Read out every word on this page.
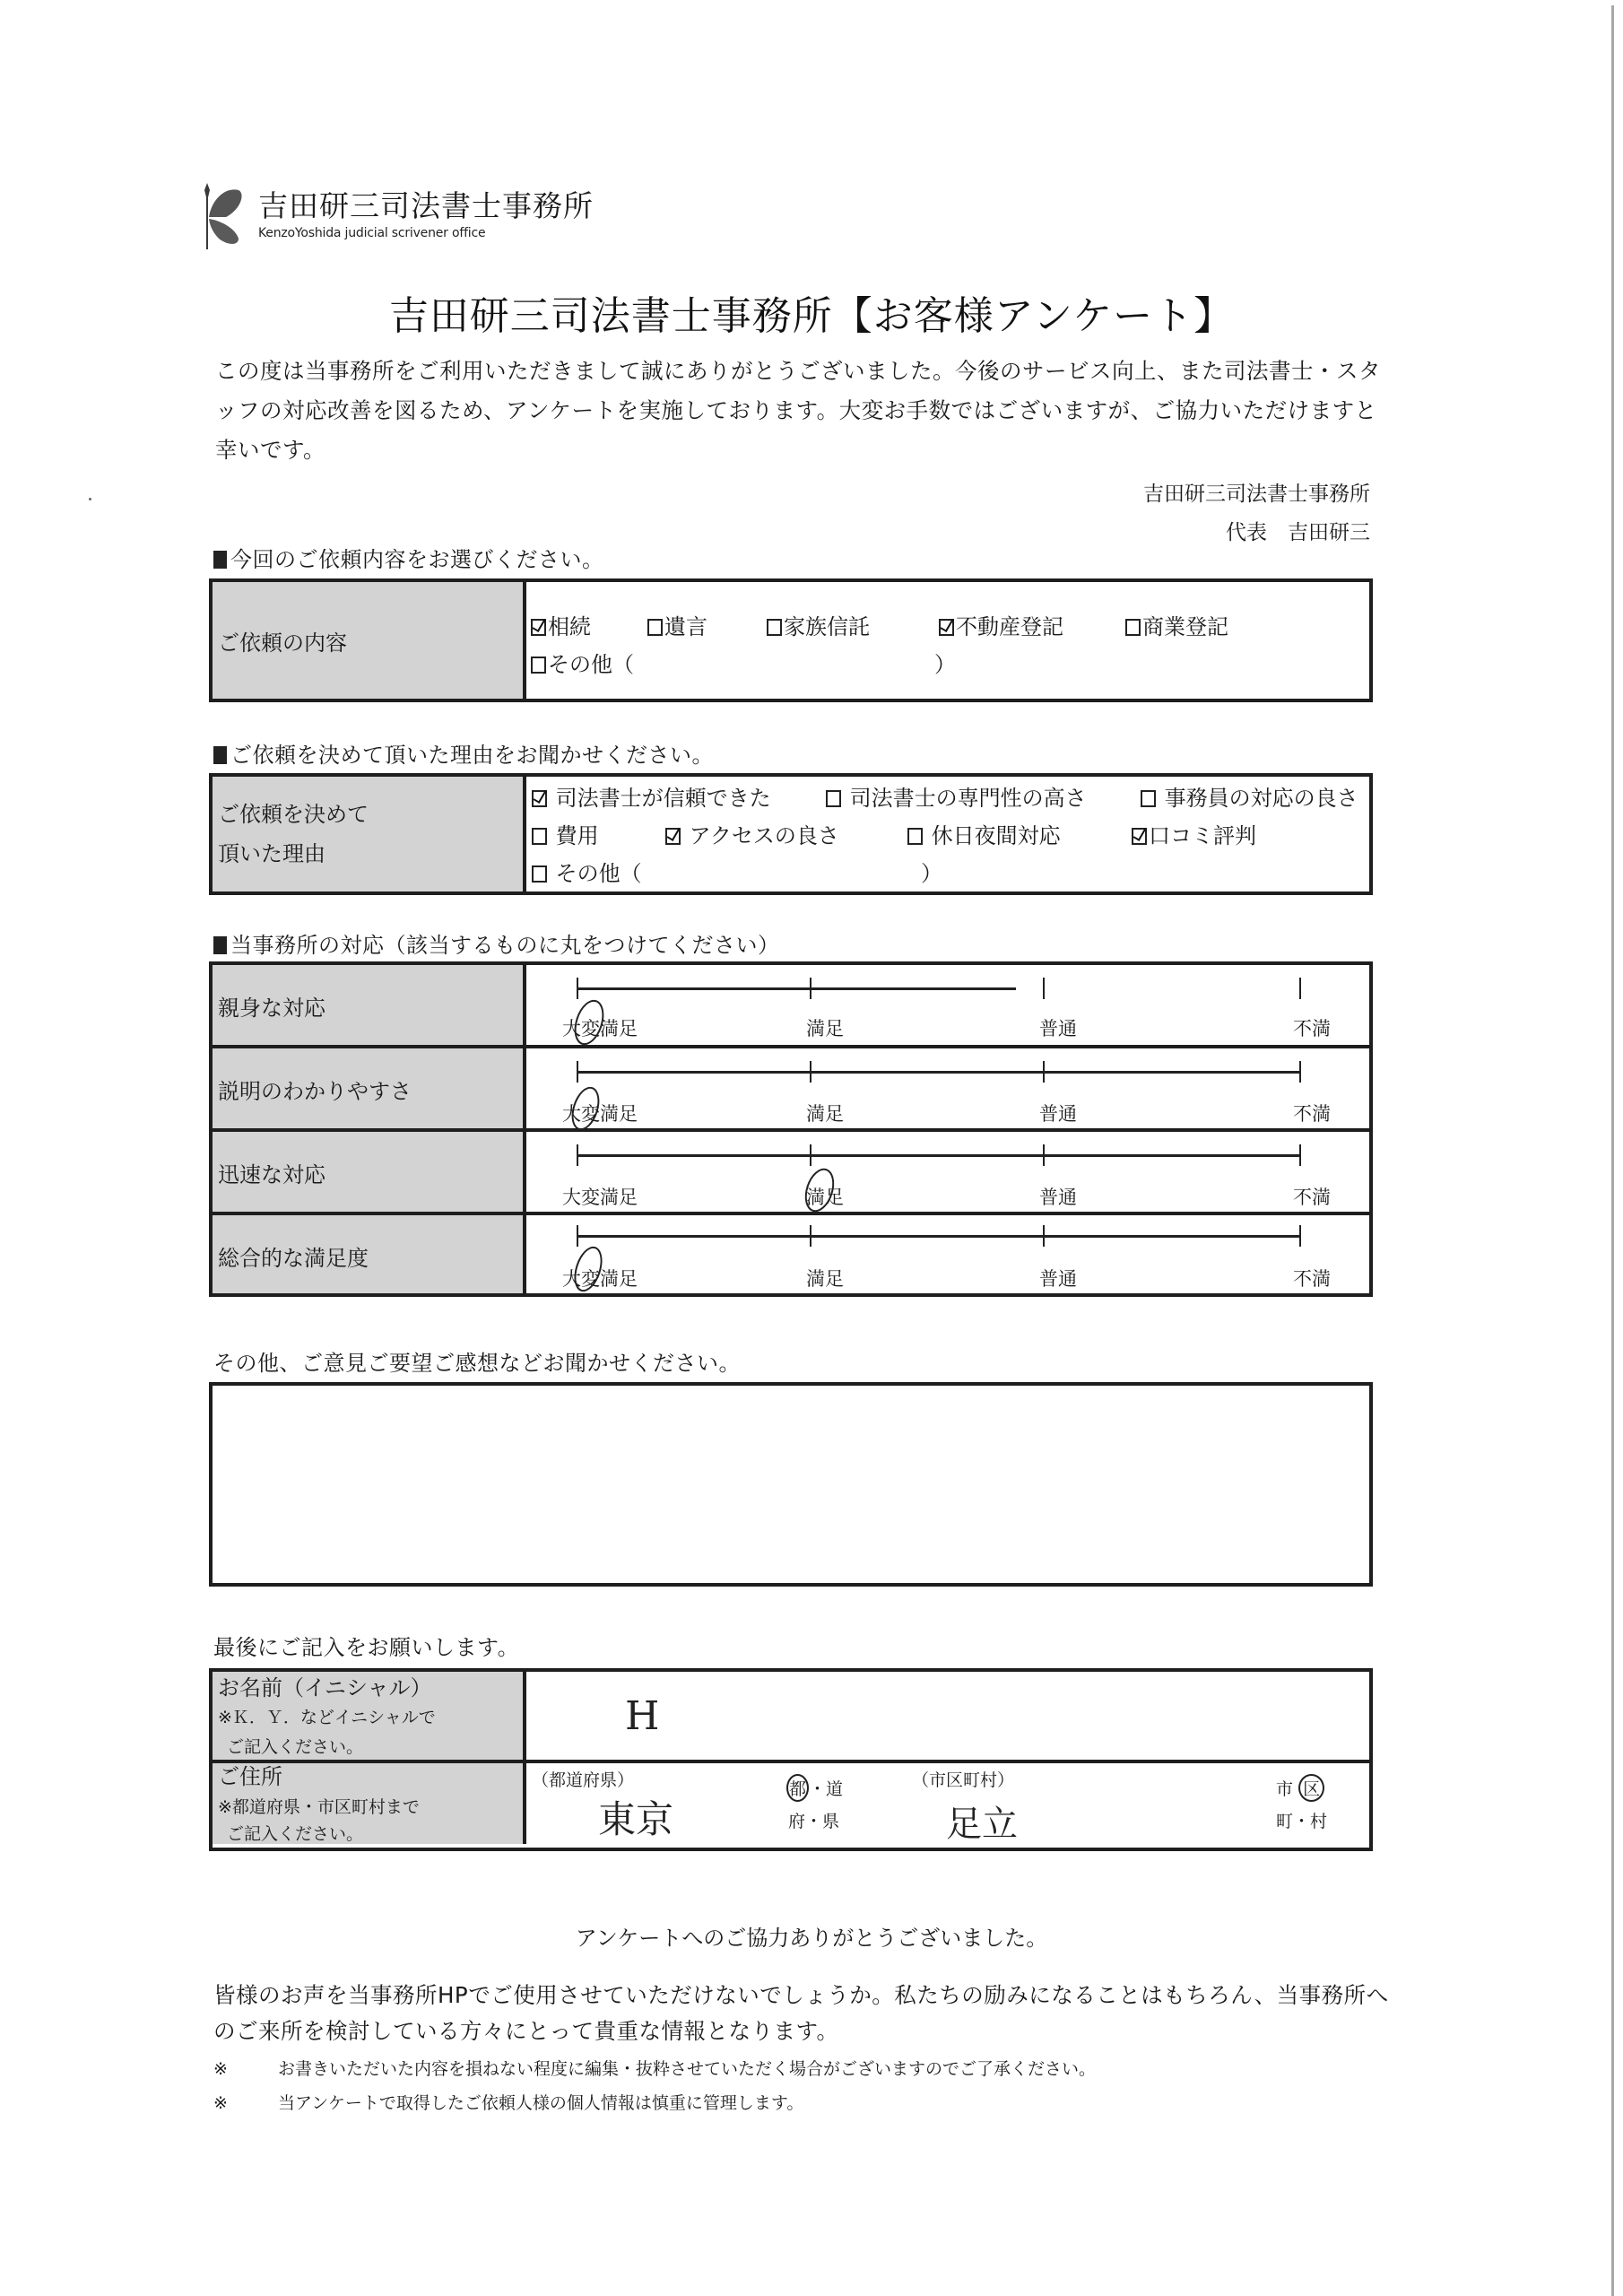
吉田研三司法書士事務所
KenzoYoshida judicial scrivener office
吉田研三司法書士事務所【お客様アンケート】
この度は当事務所をご利用いただきまして誠にありがとうございました。今後のサービス向上、また司法書士・スタッフの対応改善を図るため、アンケートを実施しております。大変お手数ではございますが、ご協力いただけますと幸いです。
吉田研三司法書士事務所
代表　吉田研三
今回のご依頼内容をお選びください。
ご依頼の内容
相続	遺言	家族信託	不動産登記	商業登記
その他（	）
ご依頼を決めて頂いた理由をお聞かせください。
ご依頼を決めて
頂いた理由
司法書士が信頼できた	司法書士の専門性の高さ	事務員の対応の良さ
費用	アクセスの良さ	休日夜間対応	口コミ評判
その他（	）
当事務所の対応（該当するものに丸をつけてください）
親身な対応
大変満足	満足	普通	不満
説明のわかりやすさ
大変満足	満足	普通	不満
迅速な対応
大変満足	満足	普通	不満
総合的な満足度
大変満足	満足	普通	不満
その他、ご意見ご要望ご感想などお聞かせください。
最後にご記入をお願いします。
お名前（イニシャル）
※Ｋ．Ｙ．などイニシャルで
ご記入ください。
H
ご住所
※都道府県・市区町村まで
ご記入ください。
（都道府県）
東京
都 ・道
府・県
（市区町村）
足立
市 区
町・村
アンケートへのご協力ありがとうございました。
皆様のお声を当事務所HPでご使用させていただけないでしょうか。私たちの励みになることはもちろん、当事務所へのご来所を検討している方々にとって貴重な情報となります。
※	お書きいただいた内容を損ねない程度に編集・抜粋させていただく場合がございますのでご了承ください。
※	当アンケートで取得したご依頼人様の個人情報は慎重に管理します。
